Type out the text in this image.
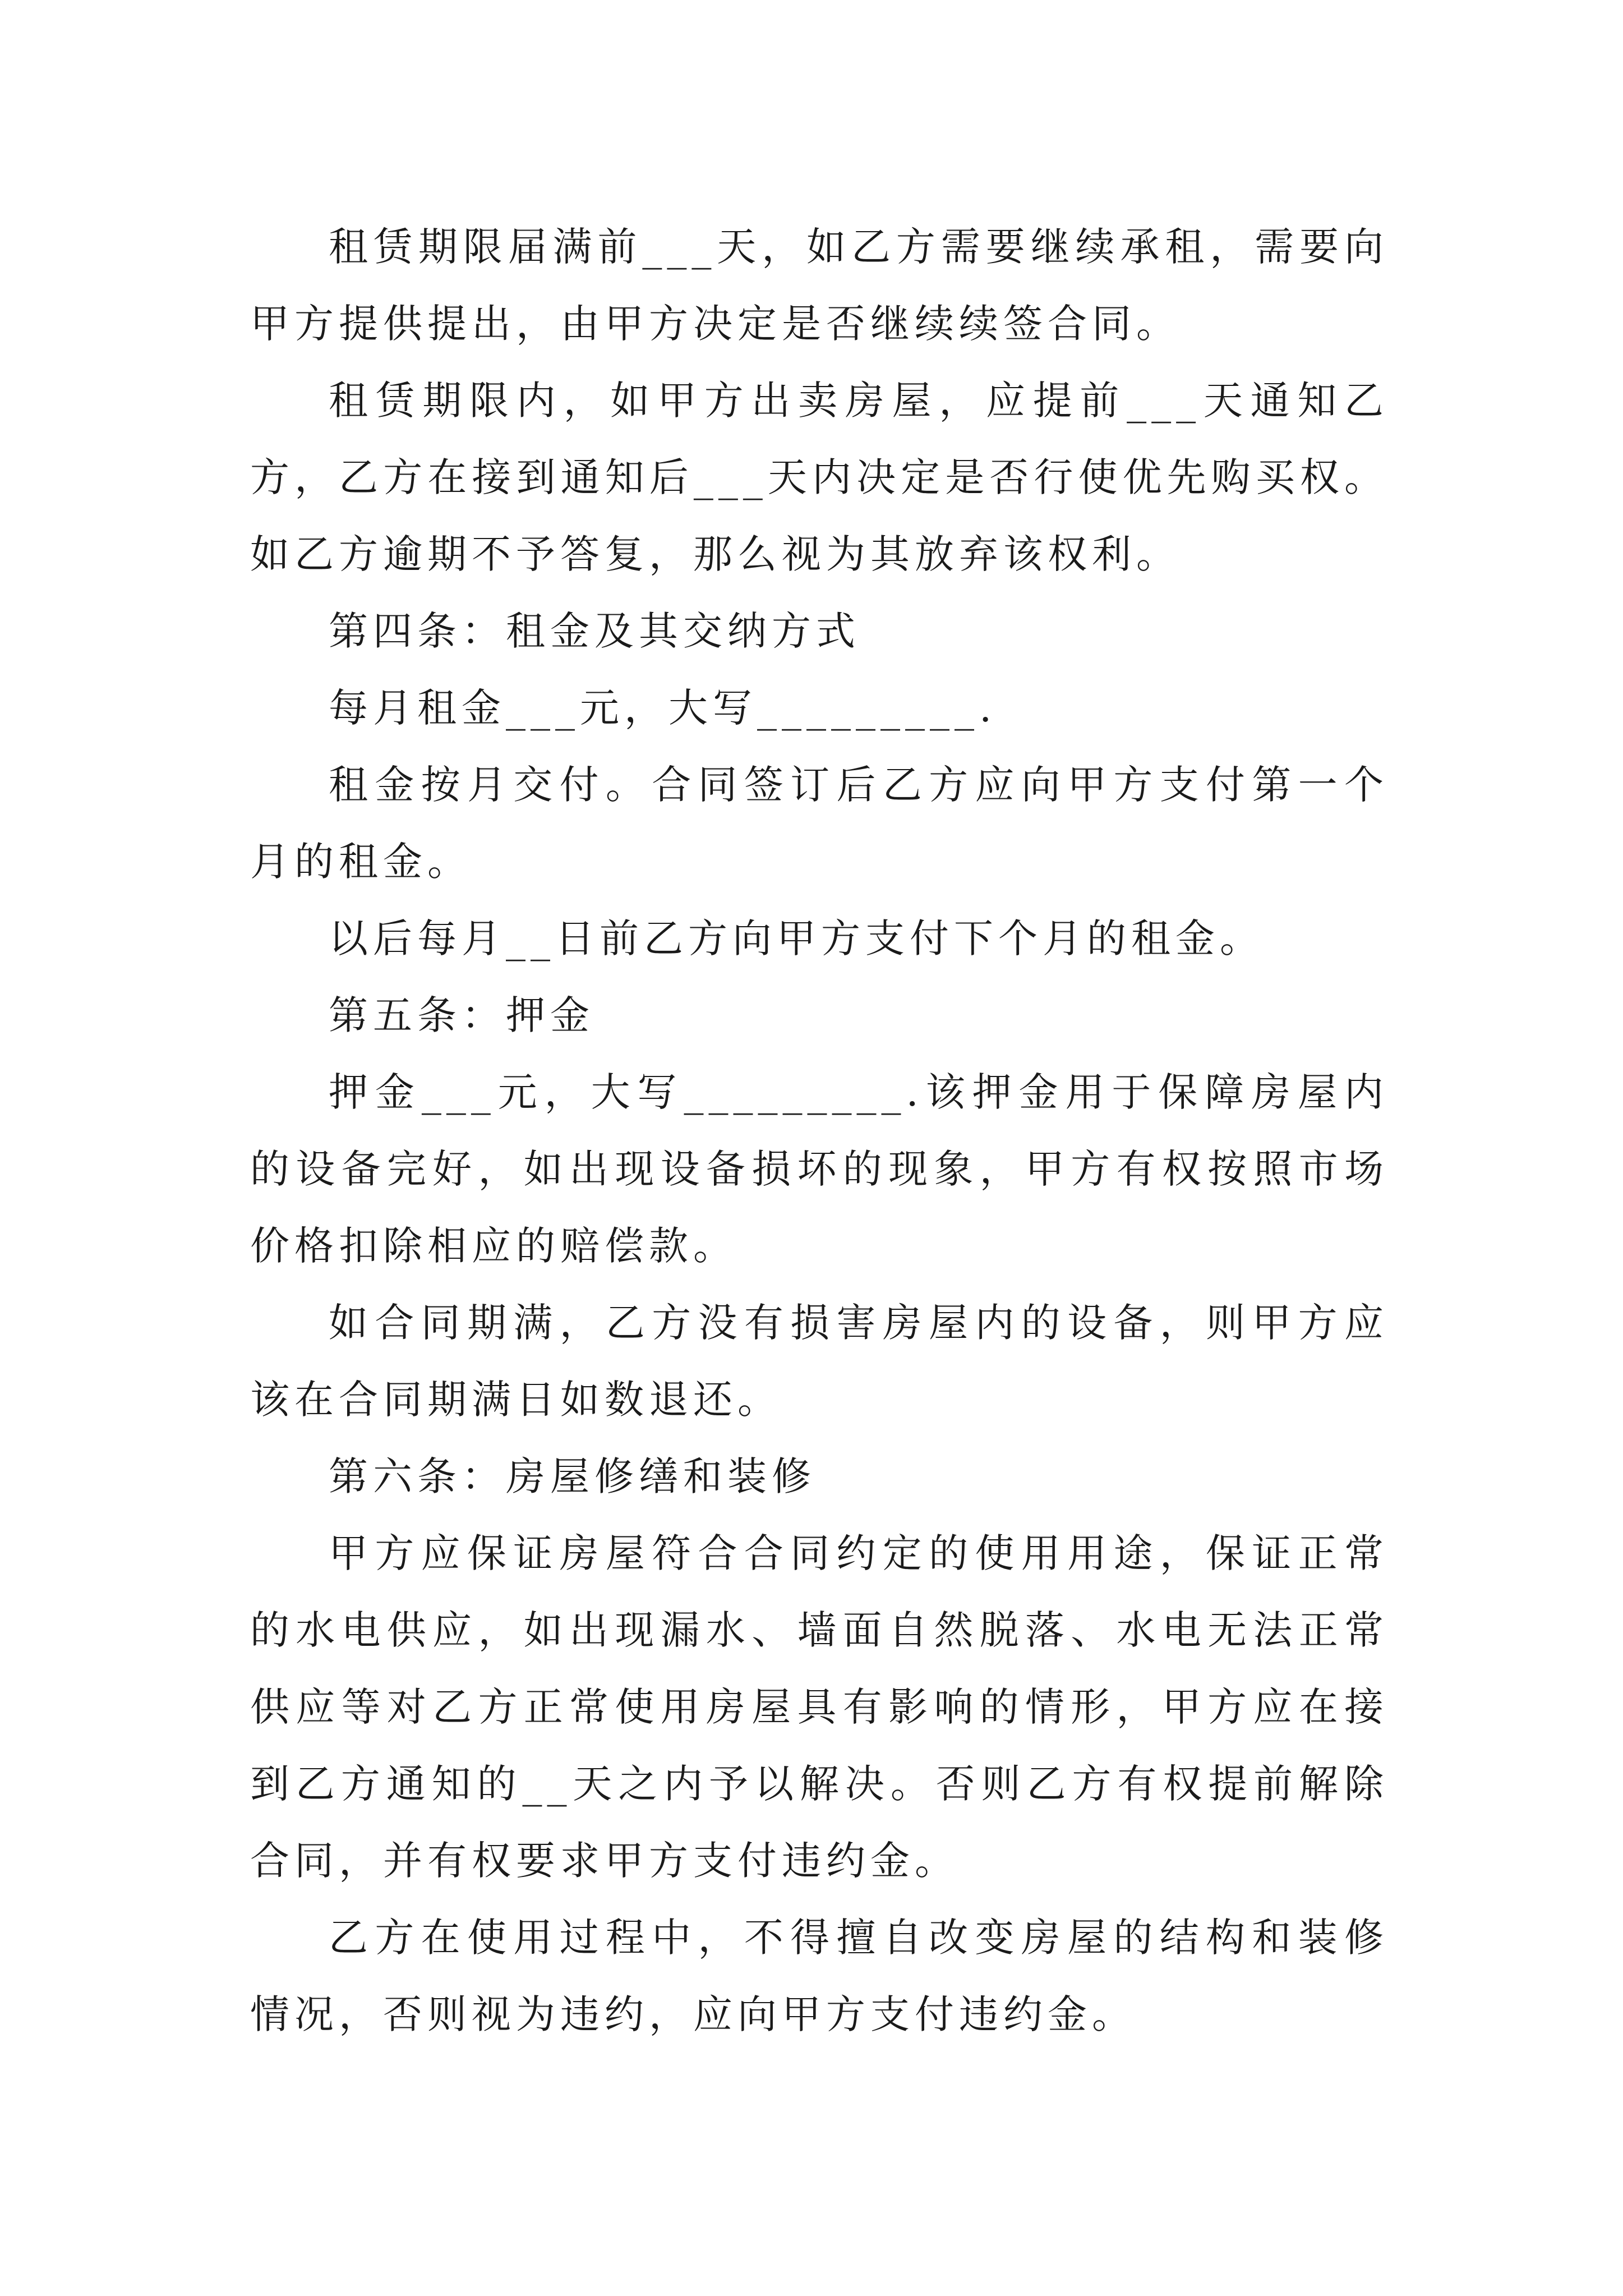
租赁期限届满前___天，如乙方需要继续承租，需要向甲方提供提出，由甲方决定是否继续续签合同。

租赁期限内，如甲方出卖房屋，应提前___天通知乙方，乙方在接到通知后___天内决定是否行使优先购买权。如乙方逾期不予答复，那么视为其放弃该权利。

第四条：租金及其交纳方式

每月租金___元，大写_________.

租金按月交付。合同签订后乙方应向甲方支付第一个月的租金。

以后每月__日前乙方向甲方支付下个月的租金。

第五条：押金

押金___元，大写_________.该押金用于保障房屋内的设备完好，如出现设备损坏的现象，甲方有权按照市场价格扣除相应的赔偿款。

如合同期满，乙方没有损害房屋内的设备，则甲方应该在合同期满日如数退还。

第六条：房屋修缮和装修

甲方应保证房屋符合合同约定的使用用途，保证正常的水电供应，如出现漏水、墙面自然脱落、水电无法正常供应等对乙方正常使用房屋具有影响的情形，甲方应在接到乙方通知的__天之内予以解决。否则乙方有权提前解除合同，并有权要求甲方支付违约金。

乙方在使用过程中，不得擅自改变房屋的结构和装修情况，否则视为违约，应向甲方支付违约金。
